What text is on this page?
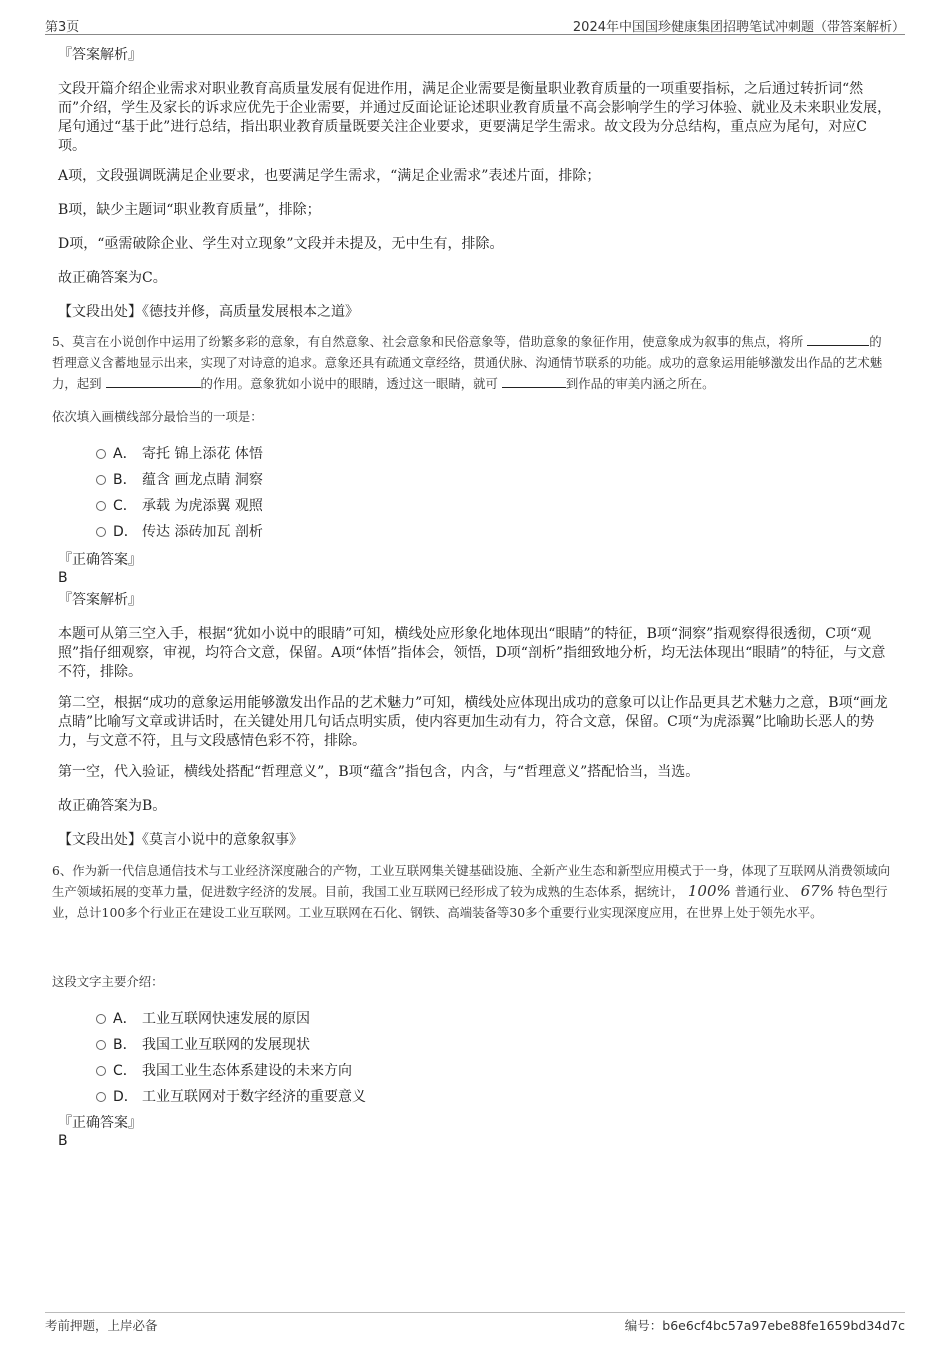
第3页	2024年中国国珍健康集团招聘笔试冲刺题（带答案解析）
『答案解析』
文段开篇介绍企业需求对职业教育高质量发展有促进作用，满足企业需要是衡量职业教育质量的一项重要指标，之后通过转折词“然而”介绍，学生及家长的诉求应优先于企业需要，并通过反面论证论述职业教育质量不高会影响学生的学习体验、就业及未来职业发展，尾句通过“基于此”进行总结，指出职业教育质量既要关注企业要求，更要满足学生需求。故文段为分总结构，重点应为尾句，对应C项。
A项，文段强调既满足企业要求，也要满足学生需求，“满足企业需求”表述片面，排除；
B项，缺少主题词“职业教育质量”，排除；
D项，“亟需破除企业、学生对立现象”文段并未提及，无中生有，排除。
故正确答案为C。
【文段出处】《德技并修，高质量发展根本之道》
5、莫言在小说创作中运用了纷繁多彩的意象，有自然意象、社会意象和民俗意象等，借助意象的象征作用，使意象成为叙事的焦点，将所	的哲理意义含蓄地显示出来，实现了对诗意的追求。意象还具有疏通文章经络，贯通伏脉、沟通情节联系的功能。成功的意象运用能够激发出作品的艺术魅力，起到	的作用。意象犹如小说中的眼睛，透过这一眼睛，就可	到作品的审美内涵之所在。
依次填入画横线部分最恰当的一项是：
A． 寄托 锦上添花 体悟
B． 蕴含 画龙点睛 洞察
C． 承载 为虎添翼 观照
D． 传达 添砖加瓦 剖析
『正确答案』
B
『答案解析』
本题可从第三空入手，根据“犹如小说中的眼睛”可知，横线处应形象化地体现出“眼睛”的特征，B项“洞察”指观察得很透彻，C项“观照”指仔细观察，审视，均符合文意，保留。A项“体悟”指体会，领悟，D项“剖析”指细致地分析，均无法体现出“眼睛”的特征，与文意不符，排除。
第二空，根据“成功的意象运用能够激发出作品的艺术魅力”可知，横线处应体现出成功的意象可以让作品更具艺术魅力之意，B项“画龙点睛”比喻写文章或讲话时，在关键处用几句话点明实质，使内容更加生动有力，符合文意，保留。C项“为虎添翼”比喻助长恶人的势力，与文意不符，且与文段感情色彩不符，排除。
第一空，代入验证，横线处搭配“哲理意义”，B项“蕴含”指包含，内含，与“哲理意义”搭配恰当，当选。
故正确答案为B。
【文段出处】《莫言小说中的意象叙事》
6、作为新一代信息通信技术与工业经济深度融合的产物，工业互联网集关键基础设施、全新产业生态和新型应用模式于一身，体现了互联网从消费领域向生产领域拓展的变革力量，促进数字经济的发展。目前，我国工业互联网已经形成了较为成熟的生态体系，据统计， 100% 普通行业、 67% 特色型行业，总计100多个行业正在建设工业互联网。工业互联网在石化、钢铁、高端装备等30多个重要行业实现深度应用，在世界上处于领先水平。
这段文字主要介绍：
A． 工业互联网快速发展的原因
B． 我国工业互联网的发展现状
C． 我国工业生态体系建设的未来方向
D． 工业互联网对于数字经济的重要意义
『正确答案』
B
考前押题，上岸必备	编号：b6e6cf4bc57a97ebe88fe1659bd34d7c
